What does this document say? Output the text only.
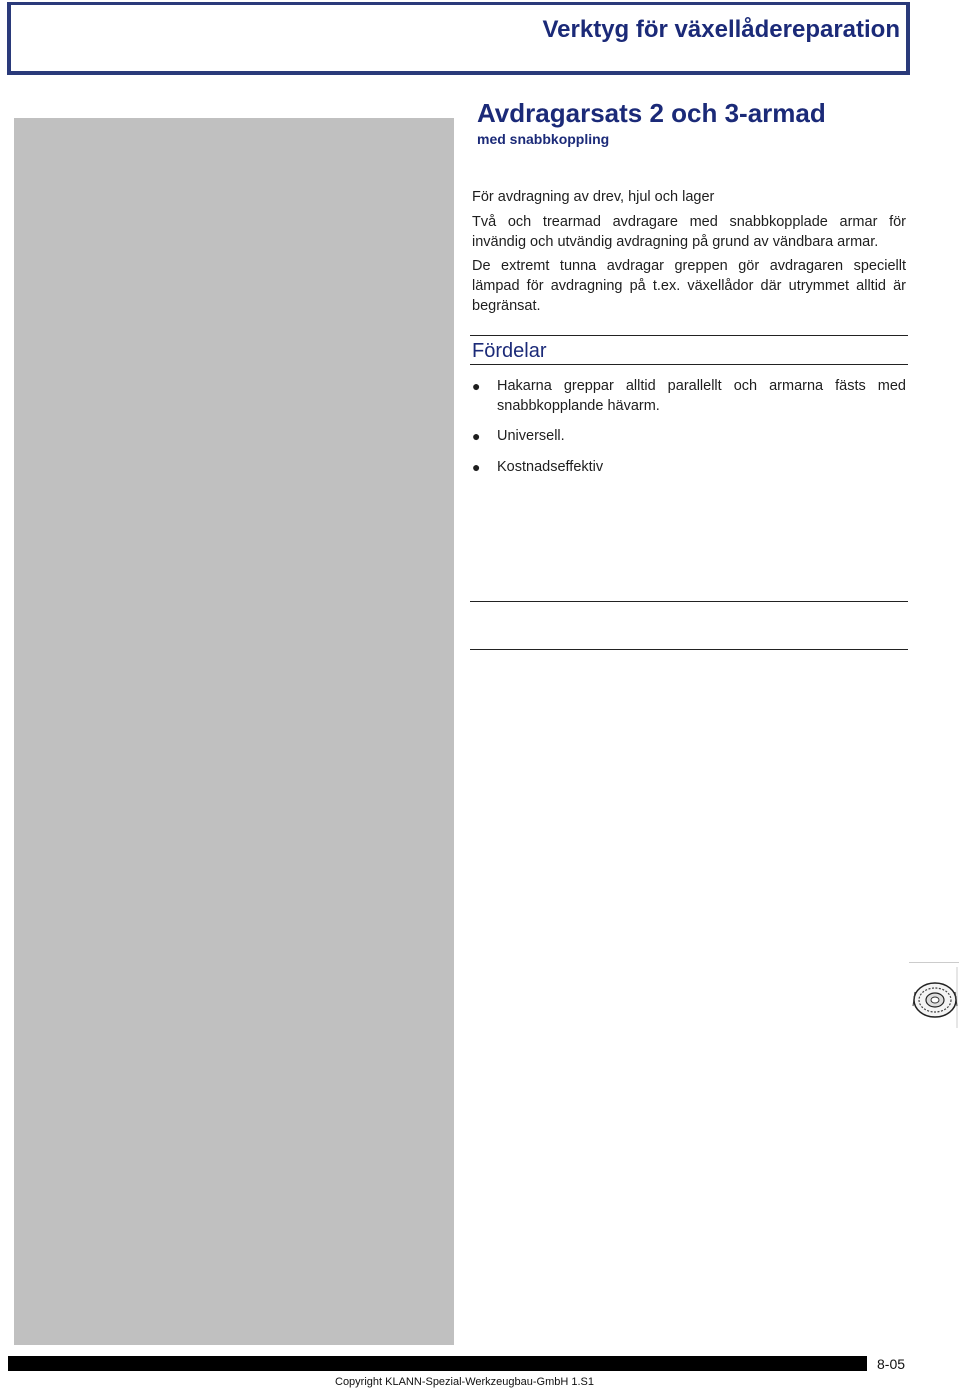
Verktyg för växellådereparation
Avdragarsats 2 och 3-armad
med snabbkoppling
För avdragning av drev, hjul och lager
Två och trearmad avdragare med snabbkopplade armar för invändig och utvändig avdragning på grund av vändbara armar.
De extremt tunna avdragar greppen gör avdragaren speciellt lämpad för avdragning på t.ex. växellådor där utrymmet alltid är begränsat.
Fördelar
● Hakarna greppar alltid parallellt och armarna fästs med snabbkopplande hävarm.
● Universell.
● Kostnadseffektiv
8-05
Copyright KLANN-Spezial-Werkzeugbau-GmbH 1.S1
